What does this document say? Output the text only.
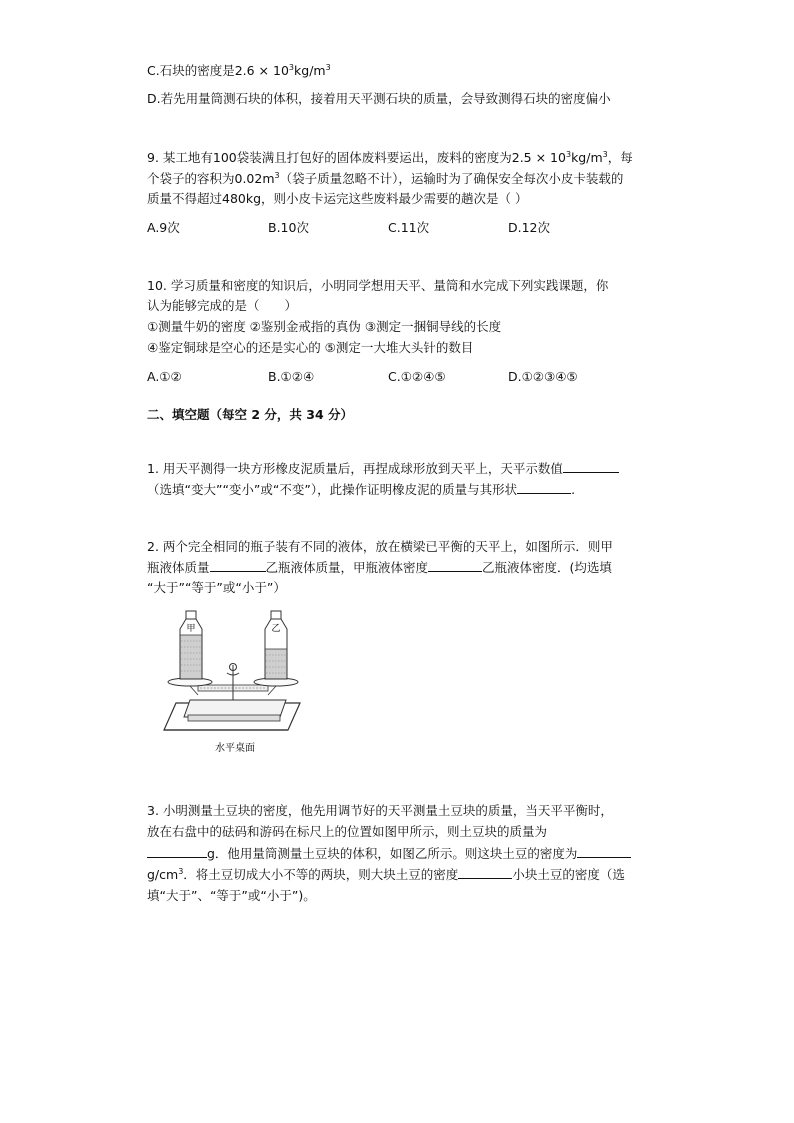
C.石块的密度是$2.6 \times 10^3kg/m^3$
D.若先用量筒测石块的体积，接着用天平测石块的质量，会导致测得石块的密度偏小
9. 某工地有100袋装满且打包好的固体废料要运出，废料的密度为$2.5 \times 10^3kg/m^3$，每
个袋子的容积为$0.02m^3$（袋子质量忽略不计），运输时为了确保安全每次小皮卡装载的
质量不得超过480kg，则小皮卡运完这些废料最少需要的趟次是（ ）
A.9次	B.10次	C.11次	D.12次
10. 学习质量和密度的知识后，小明同学想用天平、量筒和水完成下列实践课题，你
认为能够完成的是（　　）
①测量牛奶的密度 ②鉴别金戒指的真伪 ③测定一捆铜导线的长度
④鉴定铜球是空心的还是实心的 ⑤测定一大堆大头针的数目
A.①②	B.①②④	C.①②④⑤	D.①②③④⑤
二、填空题（每空 2 分，共 34 分）
1. 用天平测得一块方形橡皮泥质量后，再捏成球形放到天平上，天平示数值
（选填“变大”“变小”或“不变”），此操作证明橡皮泥的质量与其形状	.
2. 两个完全相同的瓶子装有不同的液体，放在横梁已平衡的天平上，如图所示．则甲
瓶液体质量	乙瓶液体质量，甲瓶液体密度	乙瓶液体密度．(均选填
“大于”“等于”或“小于”）
甲	乙
水平桌面
3. 小明测量土豆块的密度，他先用调节好的天平测量土豆块的质量，当天平平衡时，
放在右盘中的砝码和游码在标尺上的位置如图甲所示，则土豆块的质量为
g．他用量筒测量土豆块的体积，如图乙所示。则这块土豆的密度为
$g/cm^3$．将土豆切成大小不等的两块，则大块土豆的密度	小块土豆的密度（选
填“大于”、“等于”或“小于”)。
